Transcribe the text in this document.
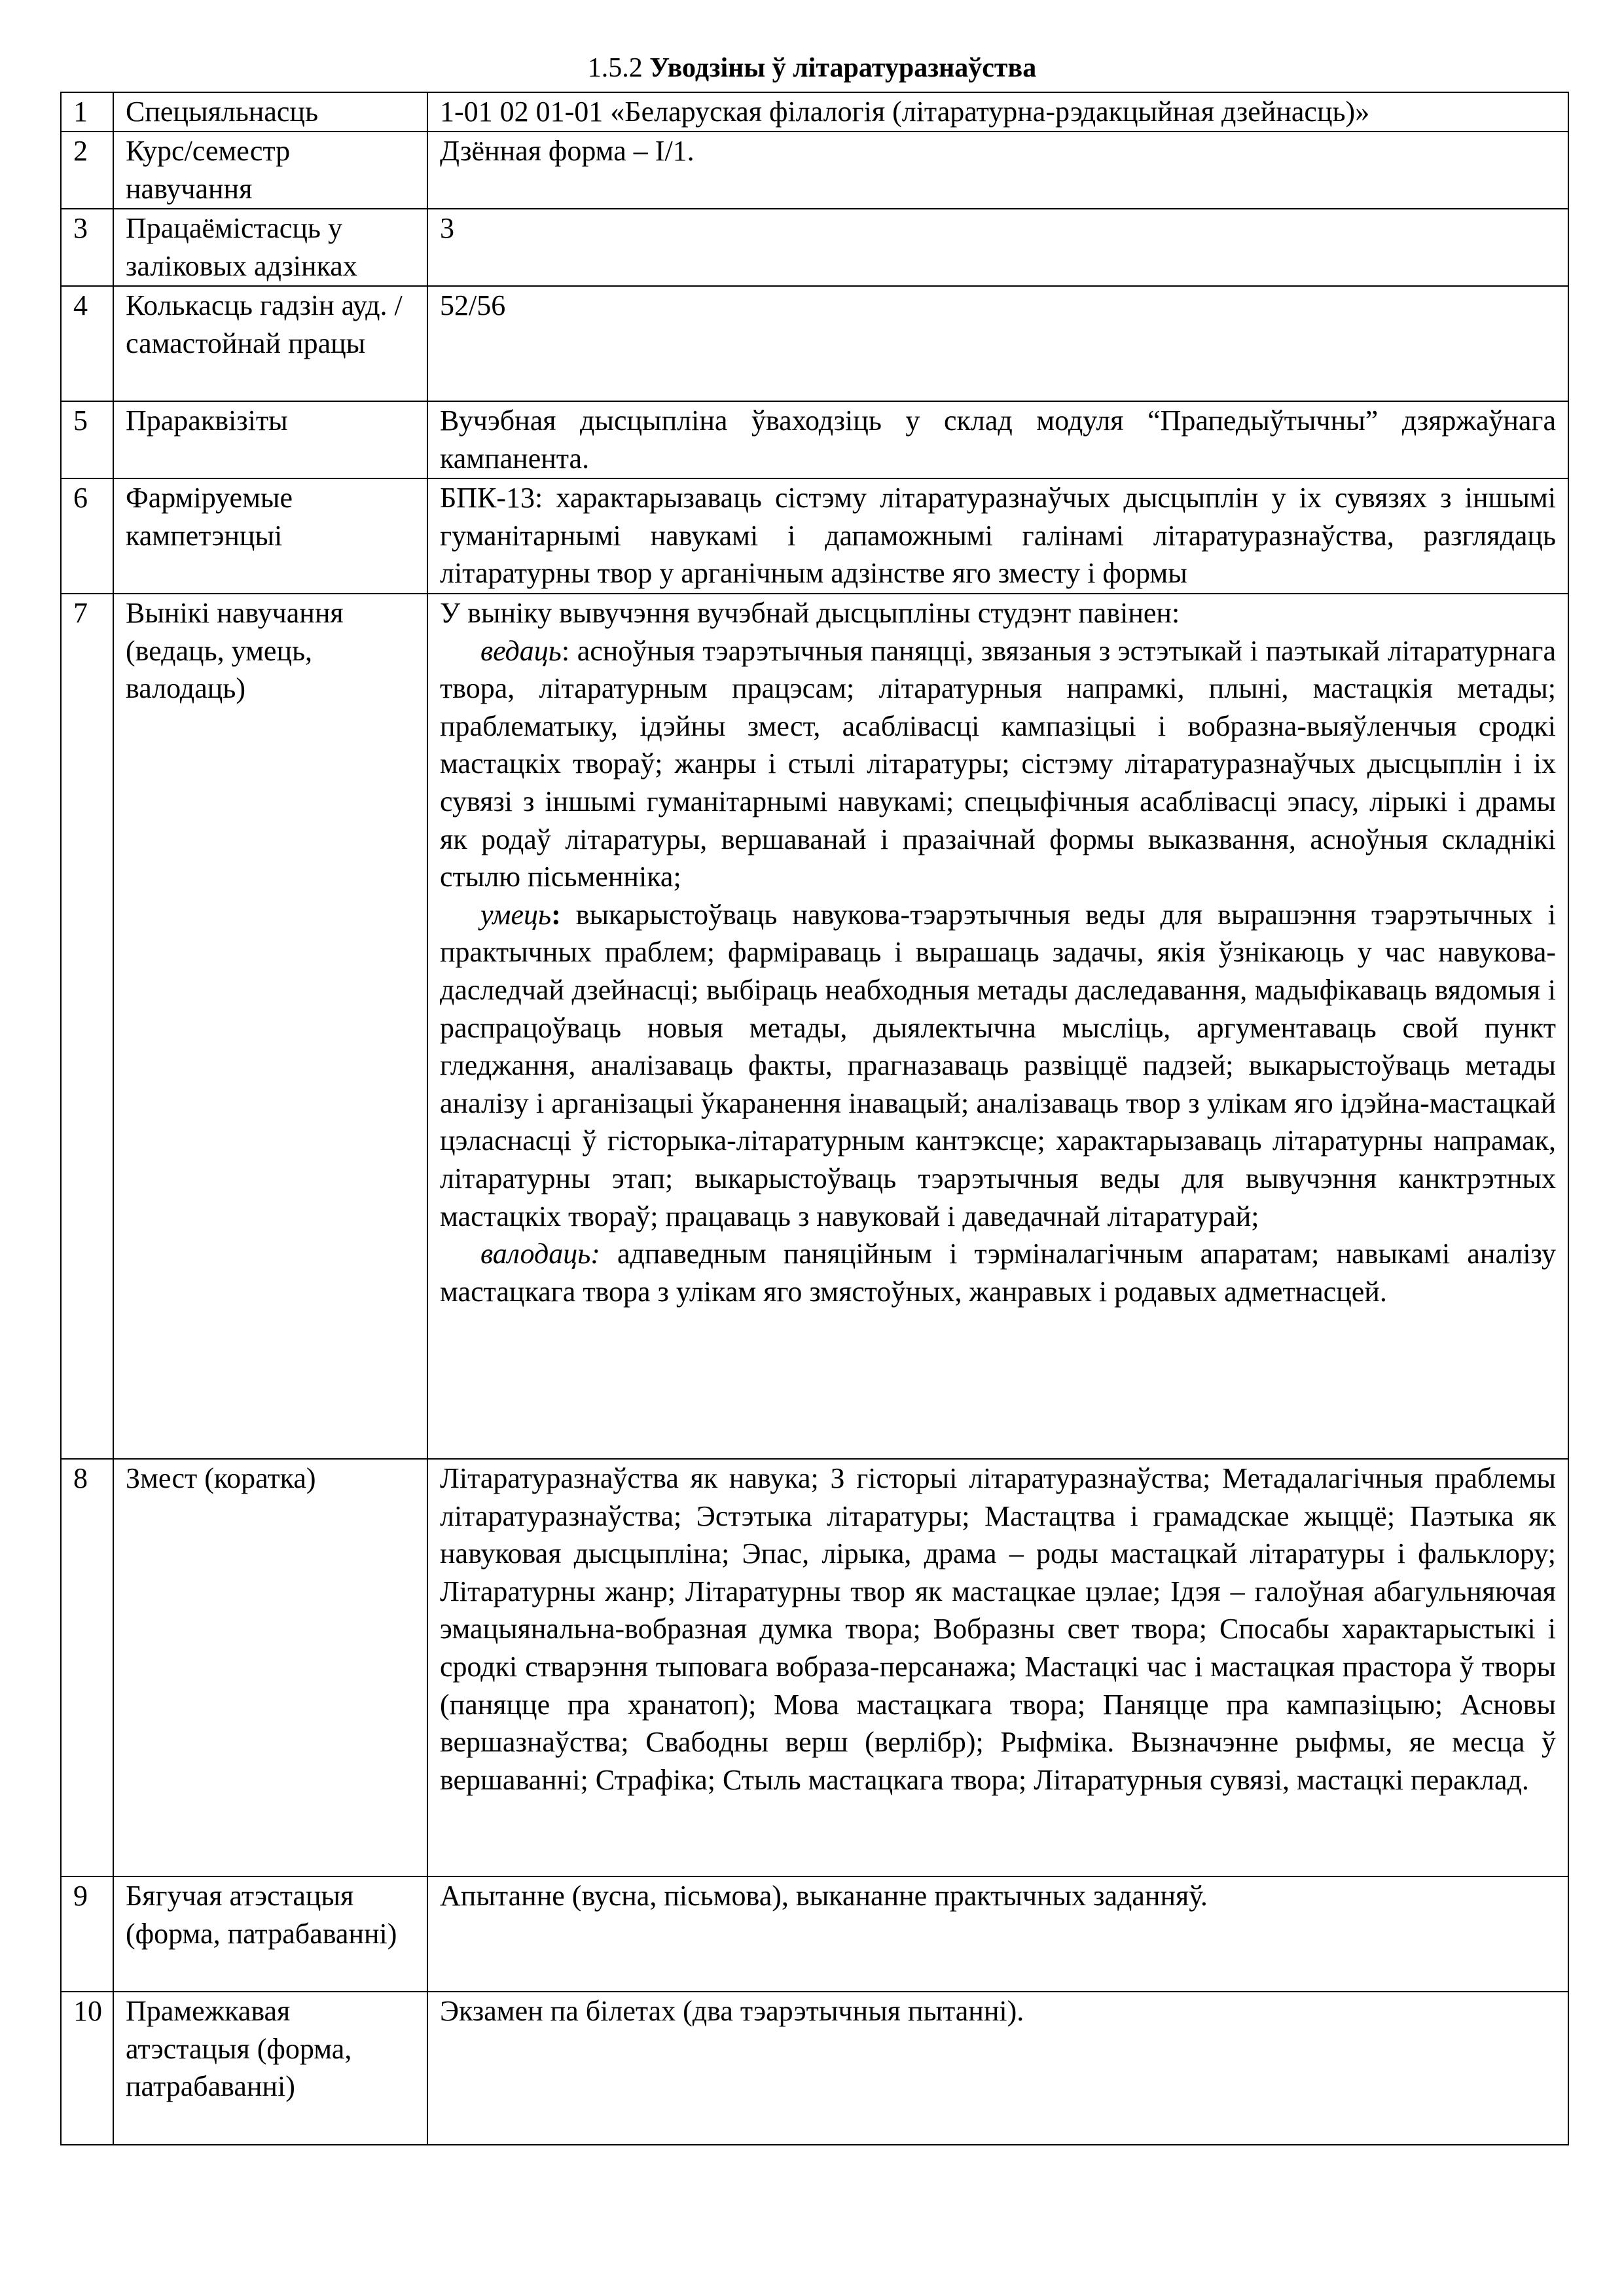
1.5.2 Уводзіны ў літаратуразнаўства
1	Спецыяльнасць	1-01 02 01-01 «Беларуская філалогія (літаратурна-рэдакцыйная дзейнасць)»
2	Курс/семестр навучання	Дзённая форма – І/1.
3	Працаёмістасць у заліковых адзінках	3
4	Колькасць гадзін ауд. / самастойнай працы	52/56
5	Прараквізіты	Вучэбная дысцыпліна ўваходзіць у склад модуля “Прапедыўтычны” дзяржаўнага кампанента.
6	Фарміруемые кампетэнцыі	БПК-13: характарызаваць сістэму літаратуразнаўчых дысцыплін у іх сувязях з іншымі гуманітарнымі навукамі і дапаможнымі галінамі літаратуразнаўства, разглядаць літаратурны твор у арганічным адзінстве яго зместу і формы
7	Вынікі навучання (ведаць, умець, валодаць)	У выніку вывучэння вучэбнай дысцыпліны студэнт павінен:
ведаць: асноўныя тэарэтычныя паняцці, звязаныя з эстэтыкай і паэтыкай літаратурнага твора, літаратурным працэсам; літаратурныя напрамкі, плыні, мастацкія метады; праблематыку, ідэйны змест, асаблівасці кампазіцыі і вобразна-выяўленчыя сродкі мастацкіх твораў; жанры і стылі літаратуры; сістэму літаратуразнаўчых дысцыплін і іх сувязі з іншымі гуманітарнымі навукамі; спецыфічныя асаблівасці эпасу, лірыкі і драмы як родаў літаратуры, вершаванай і празаічнай формы выказвання, асноўныя складнікі стылю пісьменніка;
умець: выкарыстоўваць навукова-тэарэтычныя веды для вырашэння тэарэтычных і практычных праблем; фарміраваць і вырашаць задачы, якія ўзнікаюць у час навукова-даследчай дзейнасці; выбіраць неабходныя метады даследавання, мадыфікаваць вядомыя і распрацоўваць новыя метады, дыялектычна мысліць, аргументаваць свой пункт гледжання, аналізаваць факты, прагназаваць развіццё падзей; выкарыстоўваць метады аналізу і арганізацыі ўкаранення інавацый; аналізаваць твор з улікам яго ідэйна-мастацкай цэласнасці ў гісторыка-літаратурным кантэксце; характарызаваць літаратурны напрамак, літаратурны этап; выкарыстоўваць тэарэтычныя веды для вывучэння канктрэтных мастацкіх твораў; працаваць з навуковай і даведачнай літаратурай;
валодаць: адпаведным паняційным і тэрміналагічным апаратам; навыкамі аналізу мастацкага твора з улікам яго змястоўных, жанравых і родавых адметнасцей.

8	Змест (коратка)	Літаратуразнаўства як навука; З гісторыі літаратуразнаўства; Метадалагічныя праблемы літаратуразнаўства; Эстэтыка літаратуры; Мастацтва і грамадскае жыццё; Паэтыка як навуковая дысцыпліна; Эпас, лірыка, драма – роды мастацкай літаратуры і фальклору; Літаратурны жанр; Літаратурны твор як мастацкае цэлае; Ідэя – галоўная абагульняючая эмацыянальна-вобразная думка твора; Вобразны свет твора; Спосабы характарыстыкі і сродкі стварэння тыповага вобраза-персанажа; Мастацкі час і мастацкая прастора ў творы (паняцце пра хранатоп); Мова мастацкага твора; Паняцце пра кампазіцыю; Асновы вершазнаўства; Свабодны верш (верлібр); Рыфміка. Вызначэнне рыфмы, яе месца ў вершаванні; Страфіка; Стыль мастацкага твора; Літаратурныя сувязі, мастацкі пераклад.
9	Бягучая атэстацыя (форма, патрабаванні)	Апытанне (вусна, пісьмова), выкананне практычных заданняў.
10	Прамежкавая атэстацыя (форма, патрабаванні)	Экзамен па білетах (два тэарэтычныя пытанні).
